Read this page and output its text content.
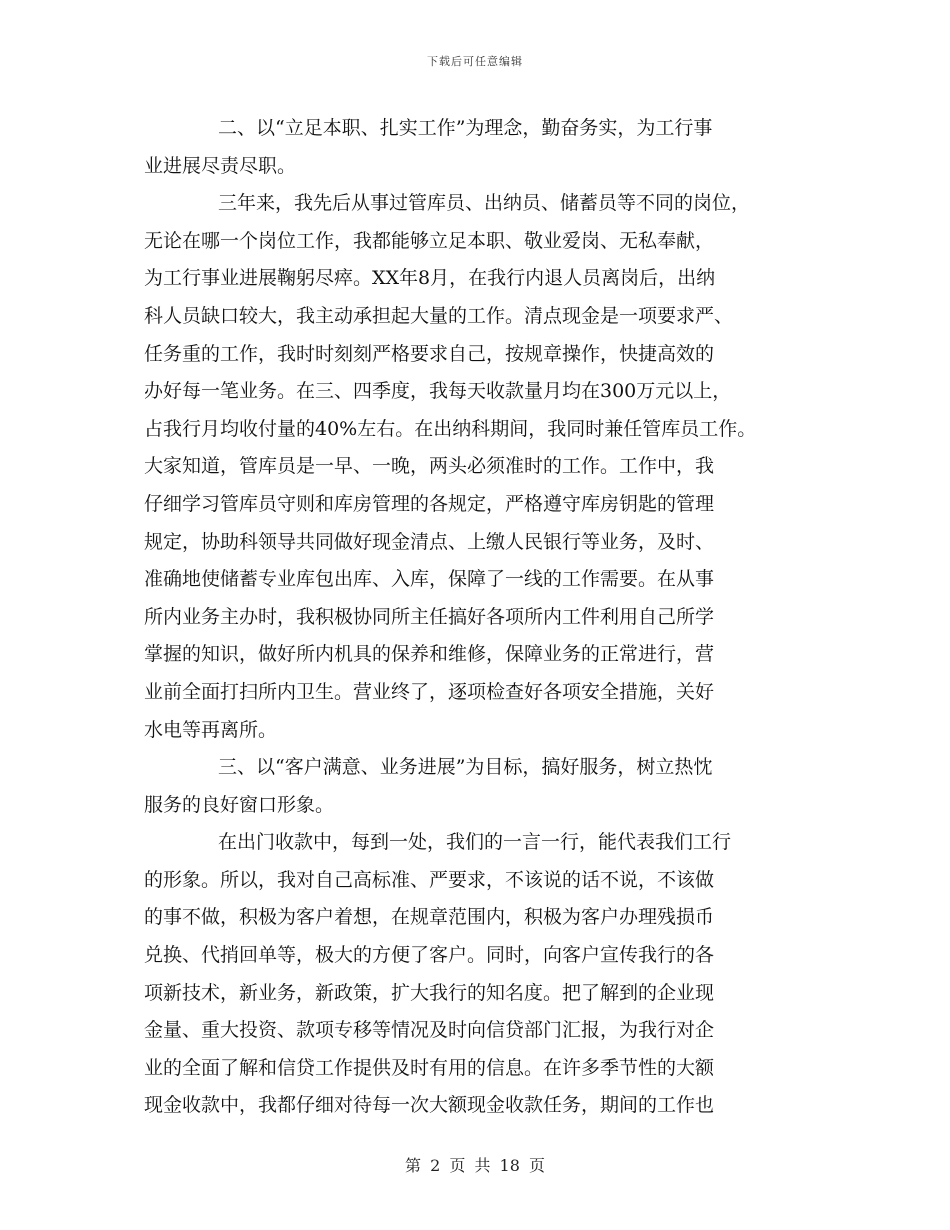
下载后可任意编辑
二、以“立足本职、扎实工作”为理念，勤奋务实，为工行事
业进展尽责尽职。
三年来，我先后从事过管库员、出纳员、储蓄员等不同的岗位，
无论在哪一个岗位工作，我都能够立足本职、敬业爱岗、无私奉献，
为工行事业进展鞠躬尽瘁。XX年8月，在我行内退人员离岗后，出纳
科人员缺口较大，我主动承担起大量的工作。清点现金是一项要求严、
任务重的工作，我时时刻刻严格要求自己，按规章操作，快捷高效的
办好每一笔业务。在三、四季度，我每天收款量月均在300万元以上，
占我行月均收付量的40%左右。在出纳科期间，我同时兼任管库员工作。
大家知道，管库员是一早、一晚，两头必须准时的工作。工作中，我
仔细学习管库员守则和库房管理的各规定，严格遵守库房钥匙的管理
规定，协助科领导共同做好现金清点、上缴人民银行等业务，及时、
准确地使储蓄专业库包出库、入库，保障了一线的工作需要。在从事
所内业务主办时，我积极协同所主任搞好各项所内工件利用自己所学
掌握的知识，做好所内机具的保养和维修，保障业务的正常进行，营
业前全面打扫所内卫生。营业终了，逐项检查好各项安全措施，关好
水电等再离所。
三、以“客户满意、业务进展”为目标，搞好服务，树立热忱
服务的良好窗口形象。
在出门收款中，每到一处，我们的一言一行，能代表我们工行
的形象。所以，我对自己高标准、严要求，不该说的话不说，不该做
的事不做，积极为客户着想，在规章范围内，积极为客户办理残损币
兑换、代捎回单等，极大的方便了客户。同时，向客户宣传我行的各
项新技术，新业务，新政策，扩大我行的知名度。把了解到的企业现
金量、重大投资、款项专移等情况及时向信贷部门汇报，为我行对企
业的全面了解和信贷工作提供及时有用的信息。在许多季节性的大额
现金收款中，我都仔细对待每一次大额现金收款任务，期间的工作也
第 2 页 共 18 页
